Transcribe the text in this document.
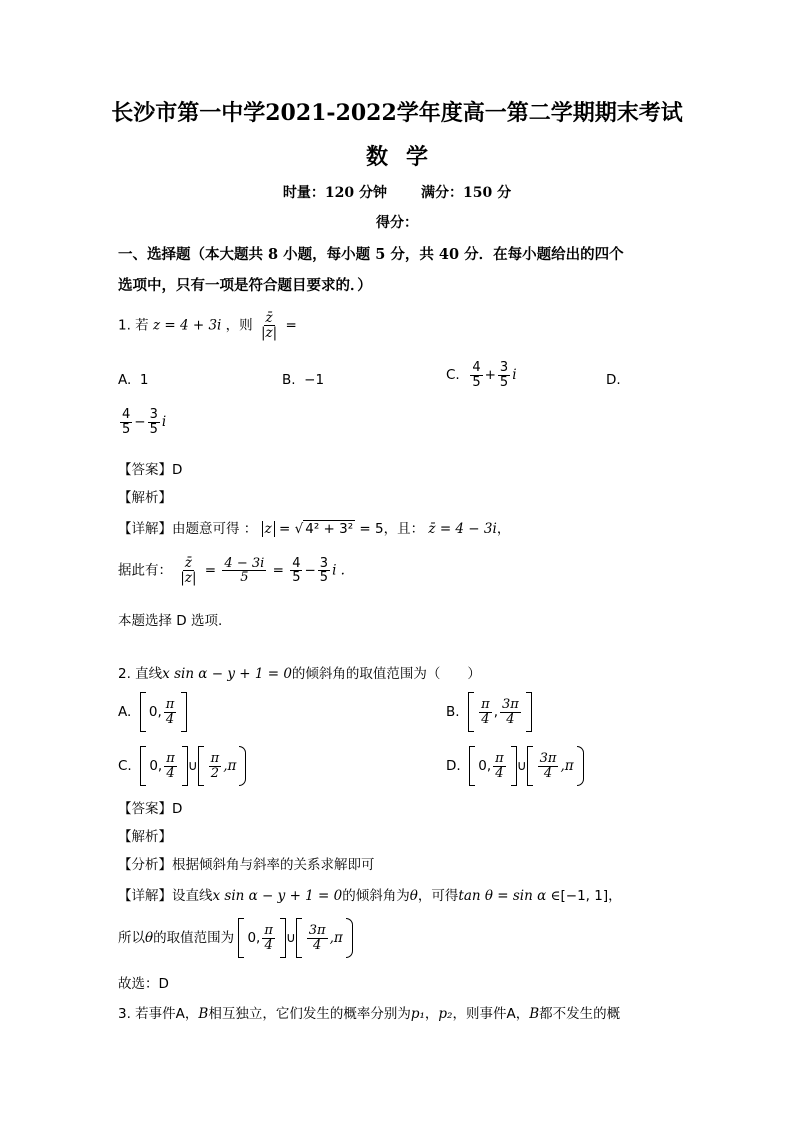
长沙市第一中学2021-2022学年度高一第二学期期末考试
数学
时量：120 分钟 满分：150 分
得分：
一、选择题（本大题共 8 小题，每小题 5 分，共 40 分．在每小题给出的四个
选项中，只有一项是符合题目要求的．）
1. 若 z = 4 + 3i ，则 $\frac{z̄}{|z|}$ =
A. 1	B. −1	C. $\frac{4}{5} + \frac{3}{5}$ i	D.
$\frac{4}{5} - \frac{3}{5}$ i
【答案】D
【解析】
【详解】由题意可得 ： z = √ 4² + 3² = 5，且： z̄ = 4 − 3i，
据此有： $\frac{z̄}{|z|} = \frac{4 - 3i}{5} = \frac{4}{5} - \frac{3}{5}$ i .
本题选择 D 选项.
2. 直线x sin α − y + 1 = 0的倾斜角的取值范围为（　　）
A. 0, $\frac{\pi}{4}$	B. $\frac{\pi}{4}$ , $\frac{3\pi}{4}$
C. 0, $\frac{\pi}{4}$ ∪ $\frac{\pi}{2} ,\pi$	D. 0, $\frac{\pi}{4}$ ∪ $\frac{3\pi}{4} ,\pi$
【答案】D
【解析】
【分析】根据倾斜角与斜率的关系求解即可
【详解】设直线x sin α − y + 1 = 0的倾斜角为θ，可得tan θ = sin α ∈[−1, 1]，
所以θ的取值范围为 0, $\frac{\pi}{4}$ ∪ $\frac{3\pi}{4} ,\pi$
故选：D
3. 若事件A，B相互独立，它们发生的概率分别为p₁，p₂，则事件A，B都不发生的概
